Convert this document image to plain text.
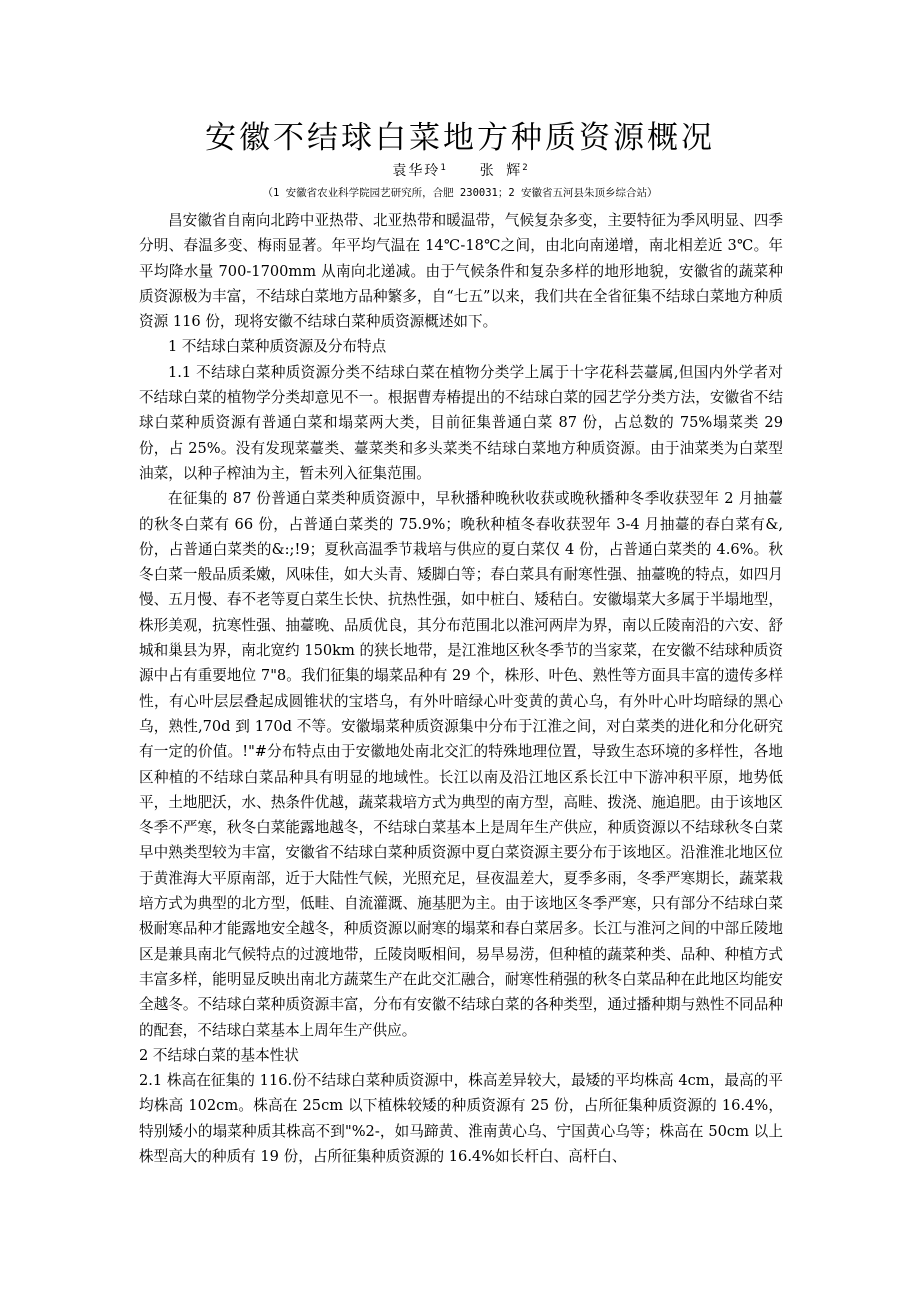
安徽不结球白菜地方种质资源概况
袁华玲$^1$ 张 辉$^2$
（1 安徽省农业科学院园艺研究所，合肥 230031；2 安徽省五河县朱顶乡综合站）

昌安徽省自南向北跨中亚热带、北亚热带和暖温带，气候复杂多变，主要特征为季风明显、四季分明、春温多变、梅雨显著。年平均气温在 14℃-18℃之间，由北向南递增，南北相差近 3℃。年平均降水量 700-1700mm 从南向北递减。由于气候条件和复杂多样的地形地貌，安徽省的蔬菜种质资源极为丰富，不结球白菜地方品种繁多，自“七五”以来，我们共在全省征集不结球白菜地方种质资源 116 份，现将安徽不结球白菜种质资源概述如下。

1 不结球白菜种质资源及分布特点

1.1 不结球白菜种质资源分类不结球白菜在植物分类学上属于十字花科芸薹属,但国内外学者对不结球白菜的植物学分类却意见不一。根据曹寿椿提出的不结球白菜的园艺学分类方法，安徽省不结球白菜种质资源有普通白菜和塌菜两大类，目前征集普通白菜 87 份，占总数的 75%塌菜类 29 份，占 25%。没有发现菜薹类、薹菜类和多头菜类不结球白菜地方种质资源。由于油菜类为白菜型油菜，以种子榨油为主，暂未列入征集范围。

在征集的 87 份普通白菜类种质资源中，早秋播种晚秋收获或晚秋播种冬季收获翌年 2 月抽薹的秋冬白菜有 66 份，占普通白菜类的 75.9%；晚秋种植冬春收获翌年 3-4 月抽薹的春白菜有&,份，占普通白菜类的&:;!9；夏秋高温季节栽培与供应的夏白菜仅 4 份，占普通白菜类的 4.6%。秋冬白菜一般品质柔嫩，风味佳，如大头青、矮脚白等；春白菜具有耐寒性强、抽薹晚的特点，如四月慢、五月慢、春不老等夏白菜生长快、抗热性强，如中桩白、矮秸白。安徽塌菜大多属于半塌地型，株形美观，抗寒性强、抽薹晚、品质优良，其分布范围北以淮河两岸为界，南以丘陵南沿的六安、舒城和巢县为界，南北宽约 150km 的狭长地带，是江淮地区秋冬季节的当家菜，在安徽不结球种质资源中占有重要地位 7"8。我们征集的塌菜品种有 29 个，株形、叶色、熟性等方面具丰富的遗传多样性，有心叶层层叠起成圆锥状的宝塔乌，有外叶暗绿心叶变黄的黄心乌，有外叶心叶均暗绿的黑心乌，熟性,70d 到 170d 不等。安徽塌菜种质资源集中分布于江淮之间，对白菜类的进化和分化研究有一定的价值。!"#分布特点由于安徽地处南北交汇的特殊地理位置，导致生态环境的多样性，各地区种植的不结球白菜品种具有明显的地域性。长江以南及沿江地区系长江中下游冲积平原，地势低平，土地肥沃，水、热条件优越，蔬菜栽培方式为典型的南方型，高畦、拨浇、施追肥。由于该地区冬季不严寒，秋冬白菜能露地越冬，不结球白菜基本上是周年生产供应，种质资源以不结球秋冬白菜早中熟类型较为丰富，安徽省不结球白菜种质资源中夏白菜资源主要分布于该地区。沿淮淮北地区位于黄淮海大平原南部，近于大陆性气候，光照充足，昼夜温差大，夏季多雨，冬季严寒期长，蔬菜栽培方式为典型的北方型，低畦、自流灌溉、施基肥为主。由于该地区冬季严寒，只有部分不结球白菜极耐寒品种才能露地安全越冬，种质资源以耐寒的塌菜和春白菜居多。长江与淮河之间的中部丘陵地区是兼具南北气候特点的过渡地带，丘陵岗畈相间，易旱易涝，但种植的蔬菜种类、品种、种植方式丰富多样，能明显反映出南北方蔬菜生产在此交汇融合，耐寒性稍强的秋冬白菜品种在此地区均能安全越冬。不结球白菜种质资源丰富，分布有安徽不结球白菜的各种类型，通过播种期与熟性不同品种的配套，不结球白菜基本上周年生产供应。

2 不结球白菜的基本性状

2.1 株高在征集的 116.份不结球白菜种质资源中，株高差异较大，最矮的平均株高 4cm，最高的平均株高 102cm。株高在 25cm 以下植株较矮的种质资源有 25 份，占所征集种质资源的 16.4%，特别矮小的塌菜种质其株高不到"%2-，如马蹄黄、淮南黄心乌、宁国黄心乌等；株高在 50cm 以上株型高大的种质有 19 份，占所征集种质资源的 16.4%如长杆白、高杆白、
